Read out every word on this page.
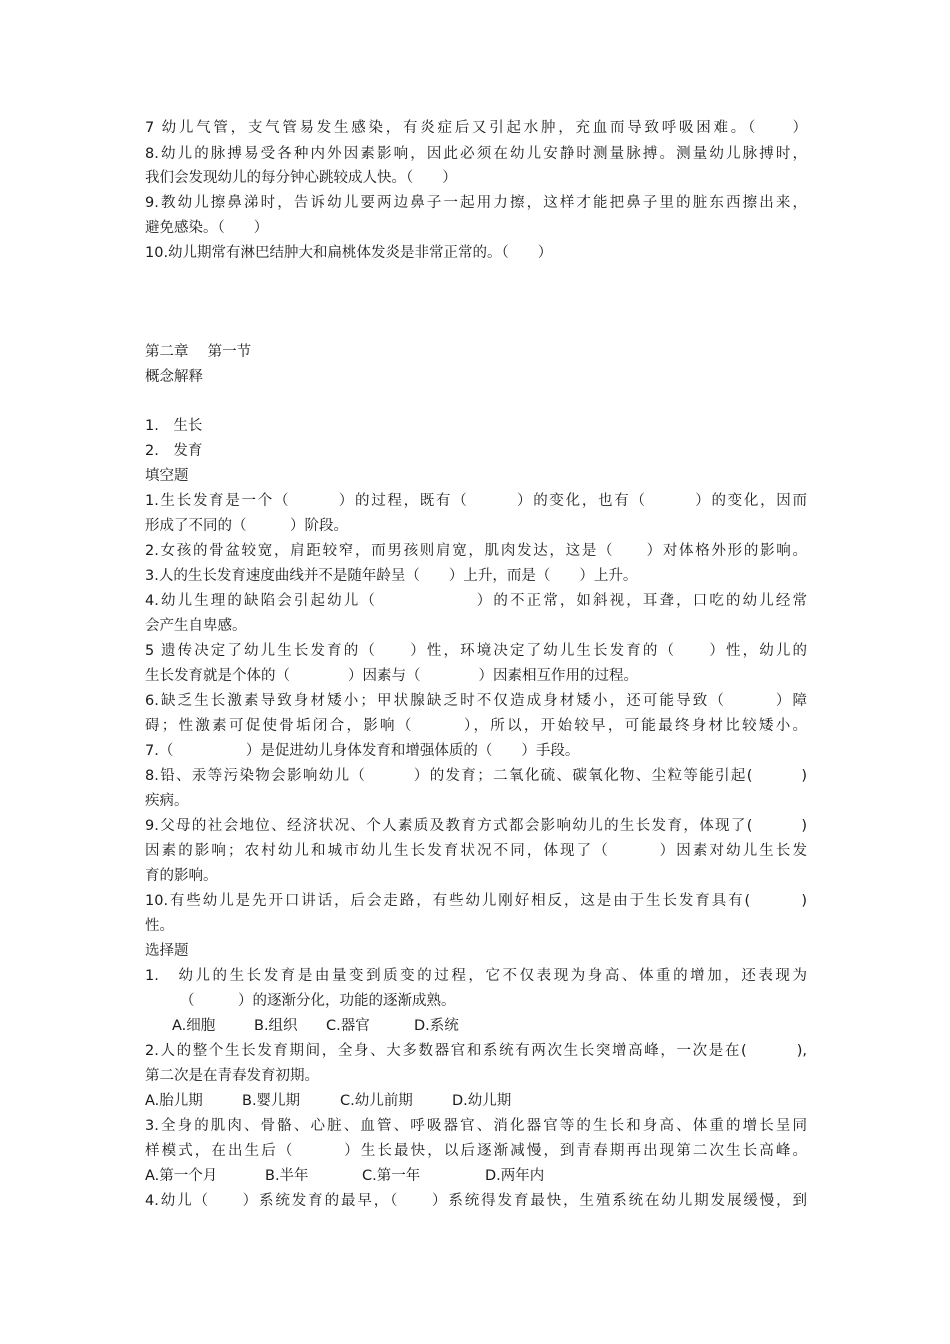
7 幼儿气管，支气管易发生感染，有炎症后又引起水肿，充血而导致呼吸困难。（　　）
8.幼儿的脉搏易受各种内外因素影响，因此必须在幼儿安静时测量脉搏。测量幼儿脉搏时，
我们会发现幼儿的每分钟心跳较成人快。（　　）
9.教幼儿擦鼻涕时，告诉幼儿要两边鼻子一起用力擦，这样才能把鼻子里的脏东西擦出来，
避免感染。（　　）
10.幼儿期常有淋巴结肿大和扁桃体发炎是非常正常的。（　　）
第二章　 第一节
概念解释
1.　生长
2.　发育
填空题
1.生长发育是一个（　　　）的过程，既有（　　　）的变化，也有（　　　）的变化，因而
形成了不同的（　　　）阶段。
2.女孩的骨盆较宽，肩距较窄，而男孩则肩宽，肌肉发达，这是（　　）对体格外形的影响。
3.人的生长发育速度曲线并不是随年龄呈（　　）上升，而是（　　）上升。
4.幼儿生理的缺陷会引起幼儿（　　　　　　）的不正常，如斜视，耳聋，口吃的幼儿经常
会产生自卑感。
5 遗传决定了幼儿生长发育的（　　）性，环境决定了幼儿生长发育的（　　）性，幼儿的
生长发育就是个体的（　　　　）因素与（　　　　）因素相互作用的过程。
6.缺乏生长激素导致身材矮小；甲状腺缺乏时不仅造成身材矮小，还可能导致（　　　）障
碍；性激素可促使骨垢闭合，影响（　　　），所以，开始较早，可能最终身材比较矮小。
7.（　　　　　）是促进幼儿身体发育和增强体质的（　　）手段。
8.铅、汞等污染物会影响幼儿（　　　）的发育；二氧化硫、碳氧化物、尘粒等能引起(　　　)
疾病。
9.父母的社会地位、经济状况、个人素质及教育方式都会影响幼儿的生长发育，体现了(　　　)
因素的影响；农村幼儿和城市幼儿生长发育状况不同，体现了（　　　）因素对幼儿生长发
育的影响。
10.有些幼儿是先开口讲话，后会走路，有些幼儿刚好相反，这是由于生长发育具有(　　　)
性。
选择题
1.　幼儿的生长发育是由量变到质变的过程，它不仅表现为身高、体重的增加，还表现为
（　　　）的逐渐分化，功能的逐渐成熟。
A.细胞	B.组织 C.器官	D.系统
2.人的整个生长发育期间，全身、大多数器官和系统有两次生长突增高峰，一次是在(　　　),
第二次是在青春发育初期。
A.胎儿期	B.婴儿期	C.幼儿前期	D.幼儿期
3.全身的肌肉、骨骼、心脏、血管、呼吸器官、消化器官等的生长和身高、体重的增长呈同
样模式，在出生后（　　　）生长最快，以后逐渐减慢，到青春期再出现第二次生长高峰。
A.第一个月	B.半年	C.第一年	D.两年内
4.幼儿（　　）系统发育的最早，（　　）系统得发育最快，生殖系统在幼儿期发展缓慢，到
